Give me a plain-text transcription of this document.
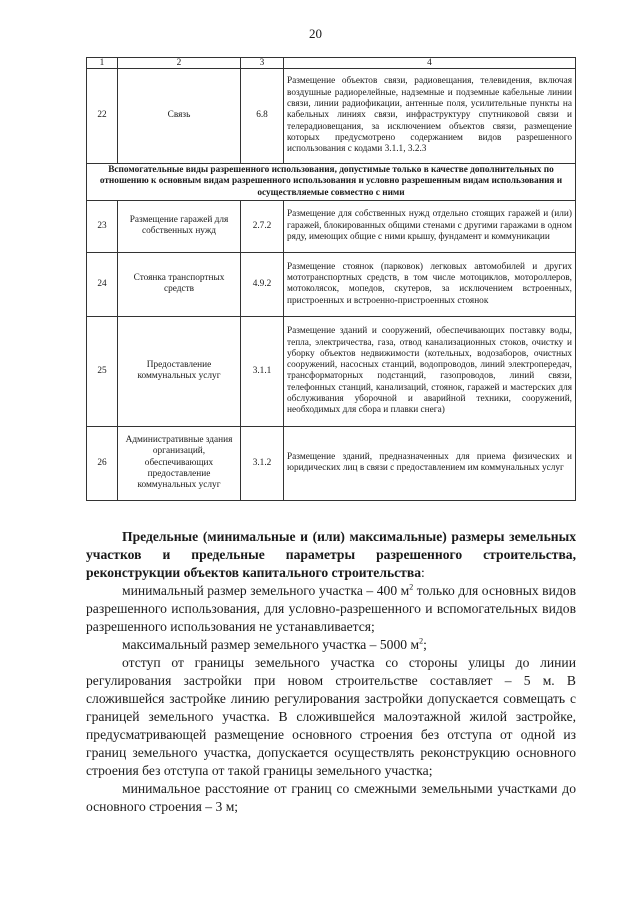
20
1	2	3	4
22	Связь	6.8	Размещение объектов связи, радиовещания, телевидения, включая воздушные радиорелейные, надземные и подземные кабельные линии связи, линии радиофикации, антенные поля, усилительные пункты на кабельных линиях связи, инфраструктуру спутниковой связи и телерадиовещания, за исключением объектов связи, размещение которых предусмотрено содержанием видов разрешенного использования с кодами 3.1.1, 3.2.3
Вспомогательные виды разрешенного использования, допустимые только в качестве дополнительных по отношению к основным видам разрешенного использования и условно разрешенным видам использования и осуществляемые совместно с ними			
23	Размещение гаражей для собственных нужд	2.7.2	Размещение для собственных нужд отдельно стоящих гаражей и (или) гаражей, блокированных общими стенами с другими гаражами в одном ряду, имеющих общие с ними крышу, фундамент и коммуникации
24	Стоянка транспортных средств	4.9.2	Размещение стоянок (парковок) легковых автомобилей и других мототранспортных средств, в том числе мотоциклов, мотороллеров, мотоколясок, мопедов, скутеров, за исключением встроенных, пристроенных и встроенно-пристроенных стоянок
25	Предоставление коммунальных услуг	3.1.1	Размещение зданий и сооружений, обеспечивающих поставку воды, тепла, электричества, газа, отвод канализационных стоков, очистку и уборку объектов недвижимости (котельных, водозаборов, очистных сооружений, насосных станций, водопроводов, линий электропередач, трансформаторных подстанций, газопроводов, линий связи, телефонных станций, канализаций, стоянок, гаражей и мастерских для обслуживания уборочной и аварийной техники, сооружений, необходимых для сбора и плавки снега)
26	Административные здания организаций, обеспечивающих предоставление коммунальных услуг	3.1.2	Размещение зданий, предназначенных для приема физических и юридических лиц в связи с предоставлением им коммунальных услуг

Предельные (минимальные и (или) максимальные) размеры земельных участков и предельные параметры разрешенного строительства, реконструкции объектов капитального строительства:

минимальный размер земельного участка – 400 $м^2$ только для основных видов разрешенного использования, для условно-разрешенного и вспомогательных видов разрешенного использования не устанавливается;

максимальный размер земельного участка – 5000 $м^2$;

отступ от границы земельного участка со стороны улицы до линии регулирования застройки при новом строительстве составляет – 5 м. В сложившейся застройке линию регулирования застройки допускается совмещать с границей земельного участка. В сложившейся малоэтажной жилой застройке, предусматривающей размещение основного строения без отступа от одной из границ земельного участка, допускается осуществлять реконструкцию основного строения без отступа от такой границы земельного участка;

минимальное расстояние от границ со смежными земельными участками до основного строения – 3 м;
